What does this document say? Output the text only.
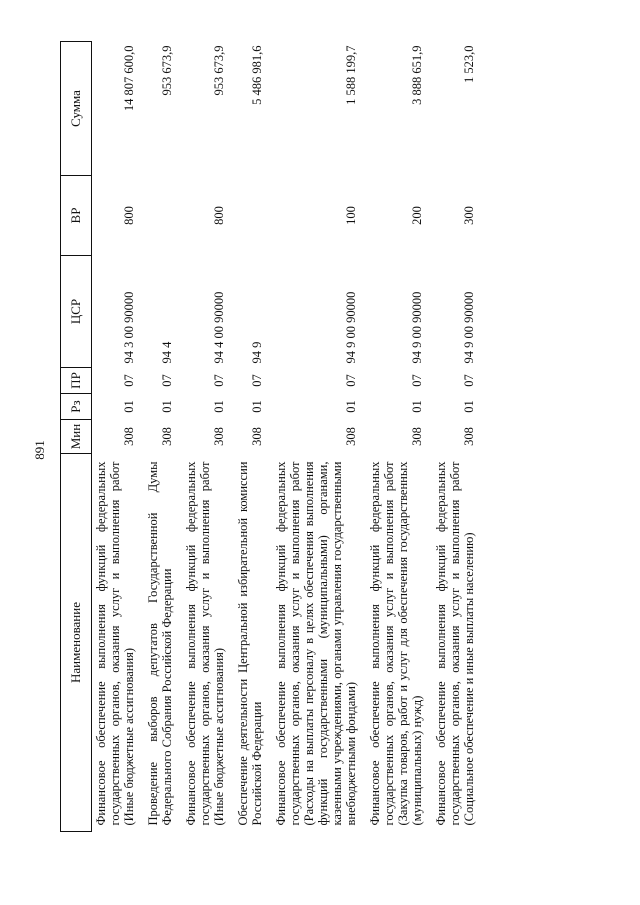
891
Наименование	Мин	Рз	ПР	ЦСР	ВР	Сумма
Финансовое обеспечение выполнения функций федеральных государственных органов, оказания услуг и выполнения работ (Иные бюджетные ассигнования)	308	01	07	94 3 00 90000	800	14 807 600,0
Проведение выборов депутатов Государственной Думы Федерального Собрания Российской Федерации	308	01	07	94 4		953 673,9
Финансовое обеспечение выполнения функций федеральных государственных органов, оказания услуг и выполнения работ (Иные бюджетные ассигнования)	308	01	07	94 4 00 90000	800	953 673,9
Обеспечение деятельности Центральной избирательной комиссии Российской Федерации	308	01	07	94 9		5 486 981,6
Финансовое обеспечение выполнения функций федеральных государственных органов, оказания услуг и выполнения работ (Расходы на выплаты персоналу в целях обеспечения выполнения функций государственными (муниципальными) органами, казенными учреждениями, органами управления государственными внебюджетными фондами)	308	01	07	94 9 00 90000	100	1 588 199,7
Финансовое обеспечение выполнения функций федеральных государственных органов, оказания услуг и выполнения работ (Закупка товаров, работ и услуг для обеспечения государственных (муниципальных) нужд)	308	01	07	94 9 00 90000	200	3 888 651,9
Финансовое обеспечение выполнения функций федеральных государственных органов, оказания услуг и выполнения работ (Социальное обеспечение и иные выплаты населению)	308	01	07	94 9 00 90000	300	1 523,0
